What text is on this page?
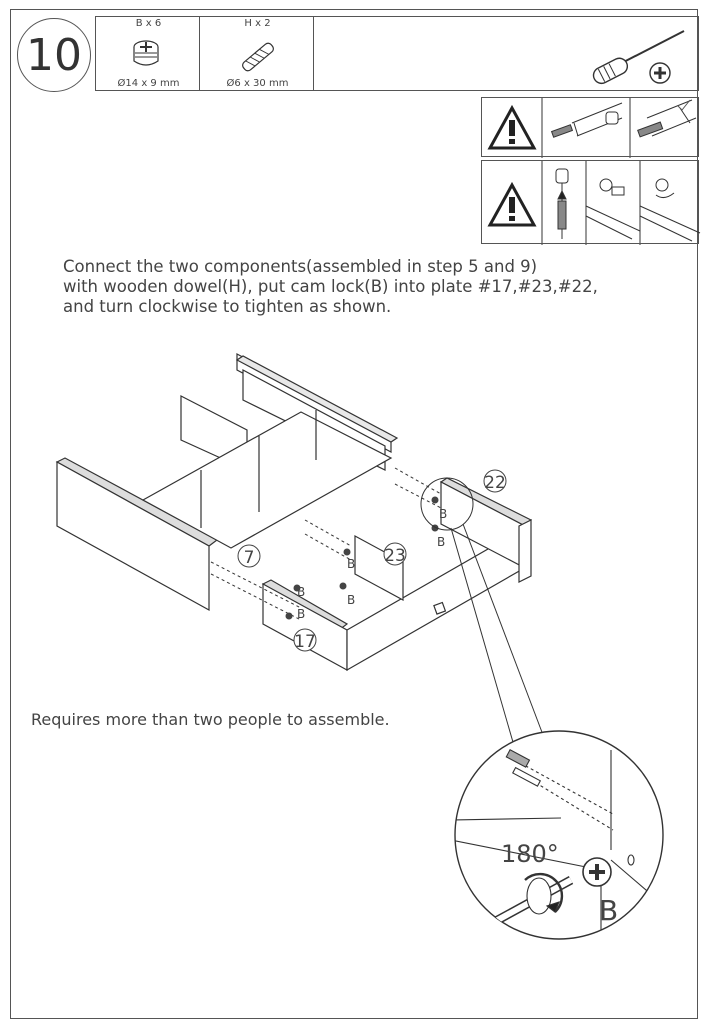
10
B x 6
Ø14 x 9 mm
H x 2
Ø6 x 30 mm
Connect the two components(assembled in step 5 and 9)
with wooden dowel(H), put cam lock(B) into plate #17,#23,#22,
and turn clockwise to tighten as shown.
7
22
23
17
B
B
B
B
B
B
Requires more than two people to assemble.
180°
B
